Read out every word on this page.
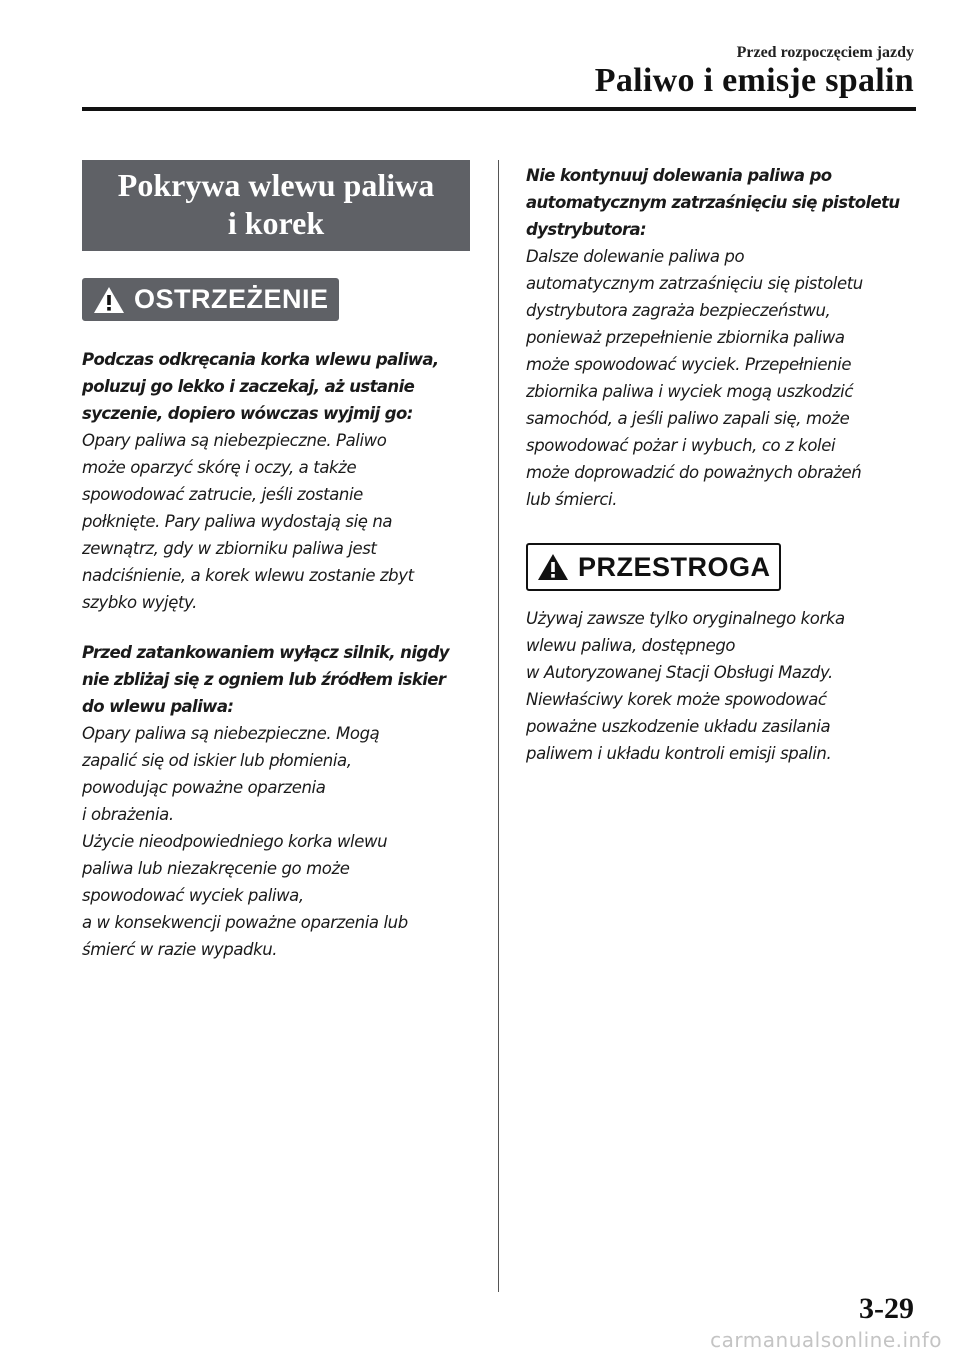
Przed rozpoczęciem jazdy
Paliwo i emisje spalin
Pokrywa wlewu paliwa
i korek
OSTRZEŻENIE
Podczas odkręcania korka wlewu paliwa,
poluzuj go lekko i zaczekaj, aż ustanie
syczenie, dopiero wówczas wyjmij go:
Opary paliwa są niebezpieczne. Paliwo
może oparzyć skórę i oczy, a także
spowodować zatrucie, jeśli zostanie
połknięte. Pary paliwa wydostają się na
zewnątrz, gdy w zbiorniku paliwa jest
nadciśnienie, a korek wlewu zostanie zbyt
szybko wyjęty.
Przed zatankowaniem wyłącz silnik, nigdy
nie zbliżaj się z ogniem lub źródłem iskier
do wlewu paliwa:
Opary paliwa są niebezpieczne. Mogą
zapalić się od iskier lub płomienia,
powodując poważne oparzenia
i obrażenia.
Użycie nieodpowiedniego korka wlewu
paliwa lub niezakręcenie go może
spowodować wyciek paliwa,
a w konsekwencji poważne oparzenia lub
śmierć w razie wypadku.
Nie kontynuuj dolewania paliwa po
automatycznym zatrzaśnięciu się pistoletu
dystrybutora:
Dalsze dolewanie paliwa po
automatycznym zatrzaśnięciu się pistoletu
dystrybutora zagraża bezpieczeństwu,
ponieważ przepełnienie zbiornika paliwa
może spowodować wyciek. Przepełnienie
zbiornika paliwa i wyciek mogą uszkodzić
samochód, a jeśli paliwo zapali się, może
spowodować pożar i wybuch, co z kolei
może doprowadzić do poważnych obrażeń
lub śmierci.
PRZESTROGA
Używaj zawsze tylko oryginalnego korka
wlewu paliwa, dostępnego
w Autoryzowanej Stacji Obsługi Mazdy.
Niewłaściwy korek może spowodować
poważne uszkodzenie układu zasilania
paliwem i układu kontroli emisji spalin.
3-29
carmanualsonline.info
